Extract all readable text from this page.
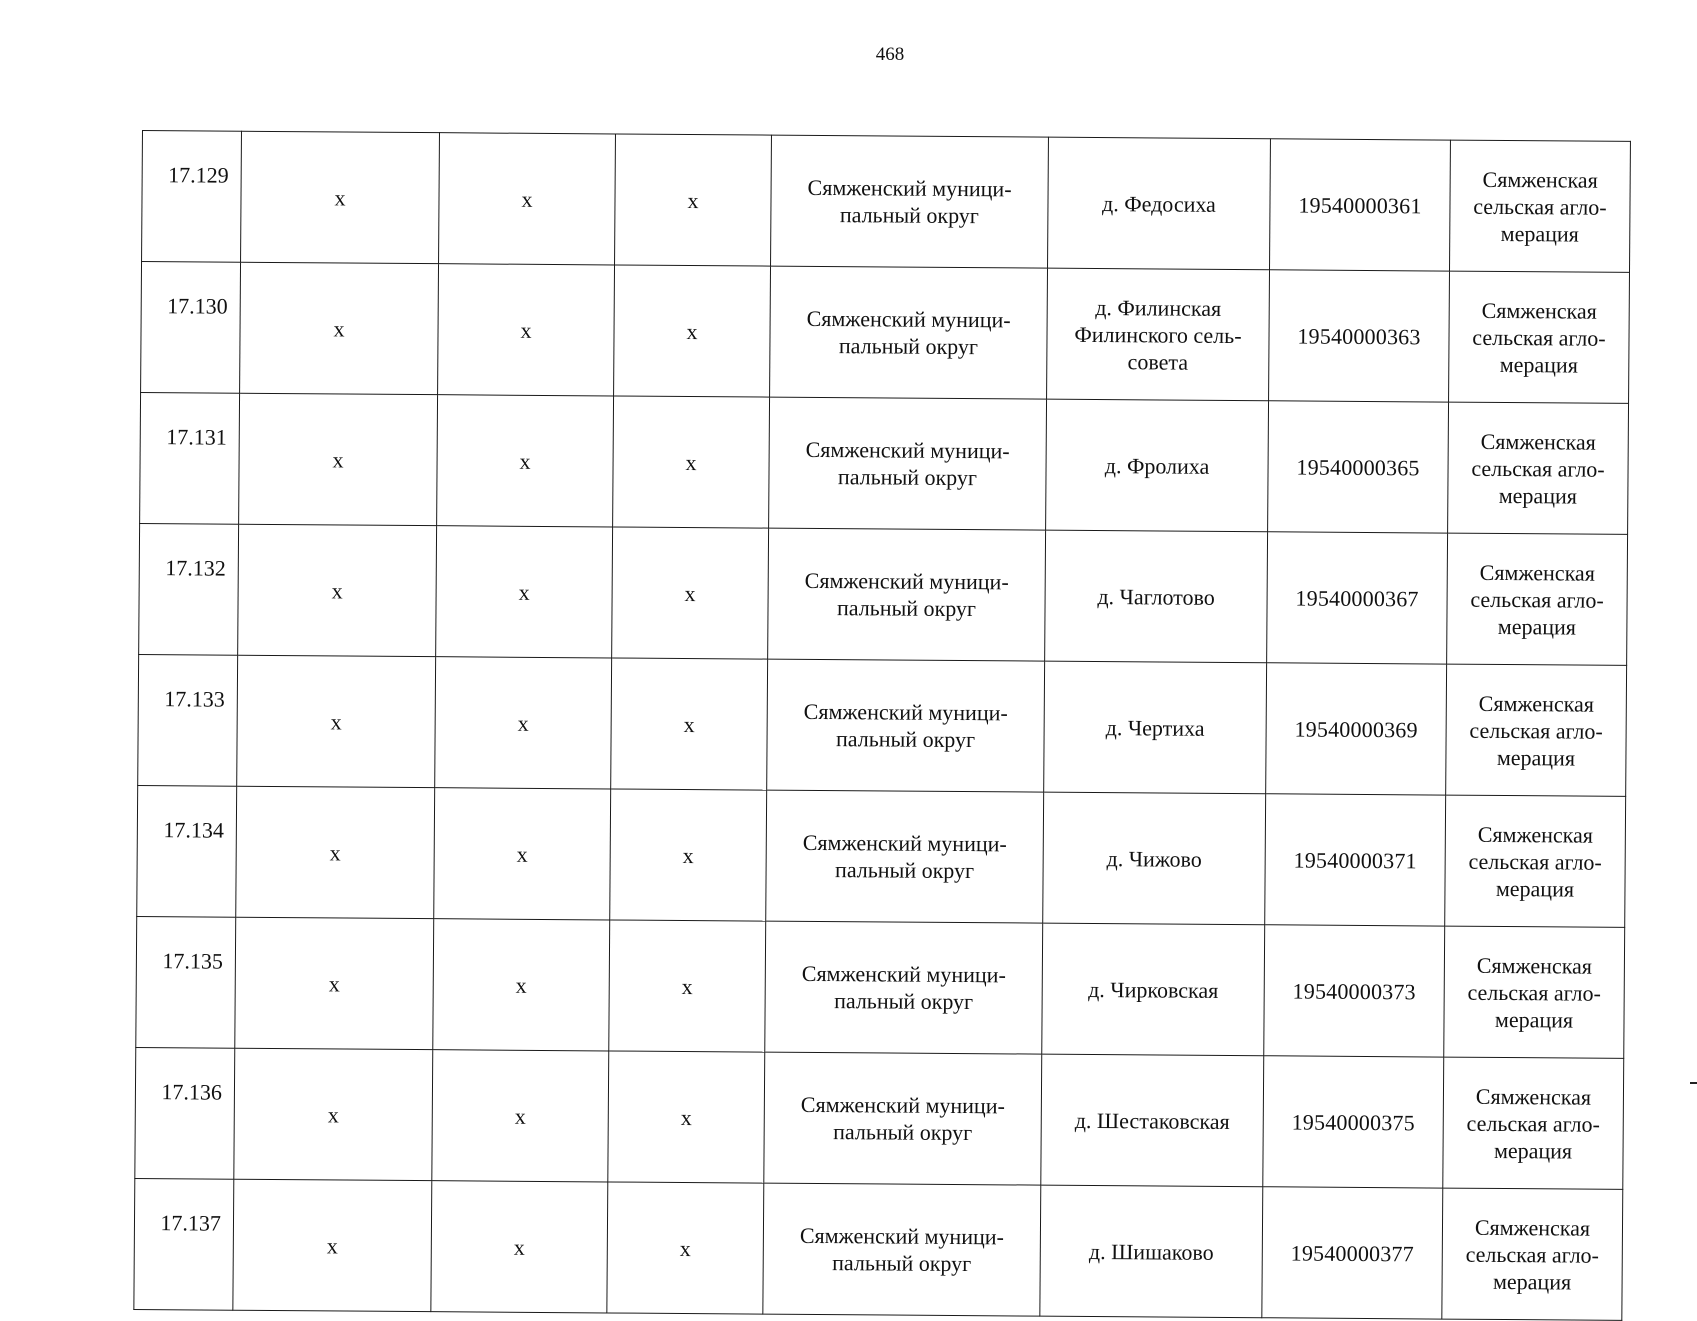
468
17.129	x	x	x	Сямженский муници-
пальный округ	д. Федосиха	19540000361	Сямженская
сельская агло-
мерация

17.130	x	x	x	Сямженский муници-
пальный округ	д. Филинская
Филинского сель-
совета	19540000363	Сямженская
сельская агло-
мерация

17.131	x	x	x	Сямженский муници-
пальный округ	д. Фролиха	19540000365	Сямженская
сельская агло-
мерация

17.132	x	x	x	Сямженский муници-
пальный округ	д. Чаглотово	19540000367	Сямженская
сельская агло-
мерация

17.133	x	x	x	Сямженский муници-
пальный округ	д. Чертиха	19540000369	Сямженская
сельская агло-
мерация

17.134	x	x	x	Сямженский муници-
пальный округ	д. Чижово	19540000371	Сямженская
сельская агло-
мерация

17.135	x	x	x	Сямженский муници-
пальный округ	д. Чирковская	19540000373	Сямженская
сельская агло-
мерация

17.136	x	x	x	Сямженский муници-
пальный округ	д. Шестаковская	19540000375	Сямженская
сельская агло-
мерация

17.137	x	x	x	Сямженский муници-
пальный округ	д. Шишаково	19540000377	Сямженская
сельская агло-
мерация
